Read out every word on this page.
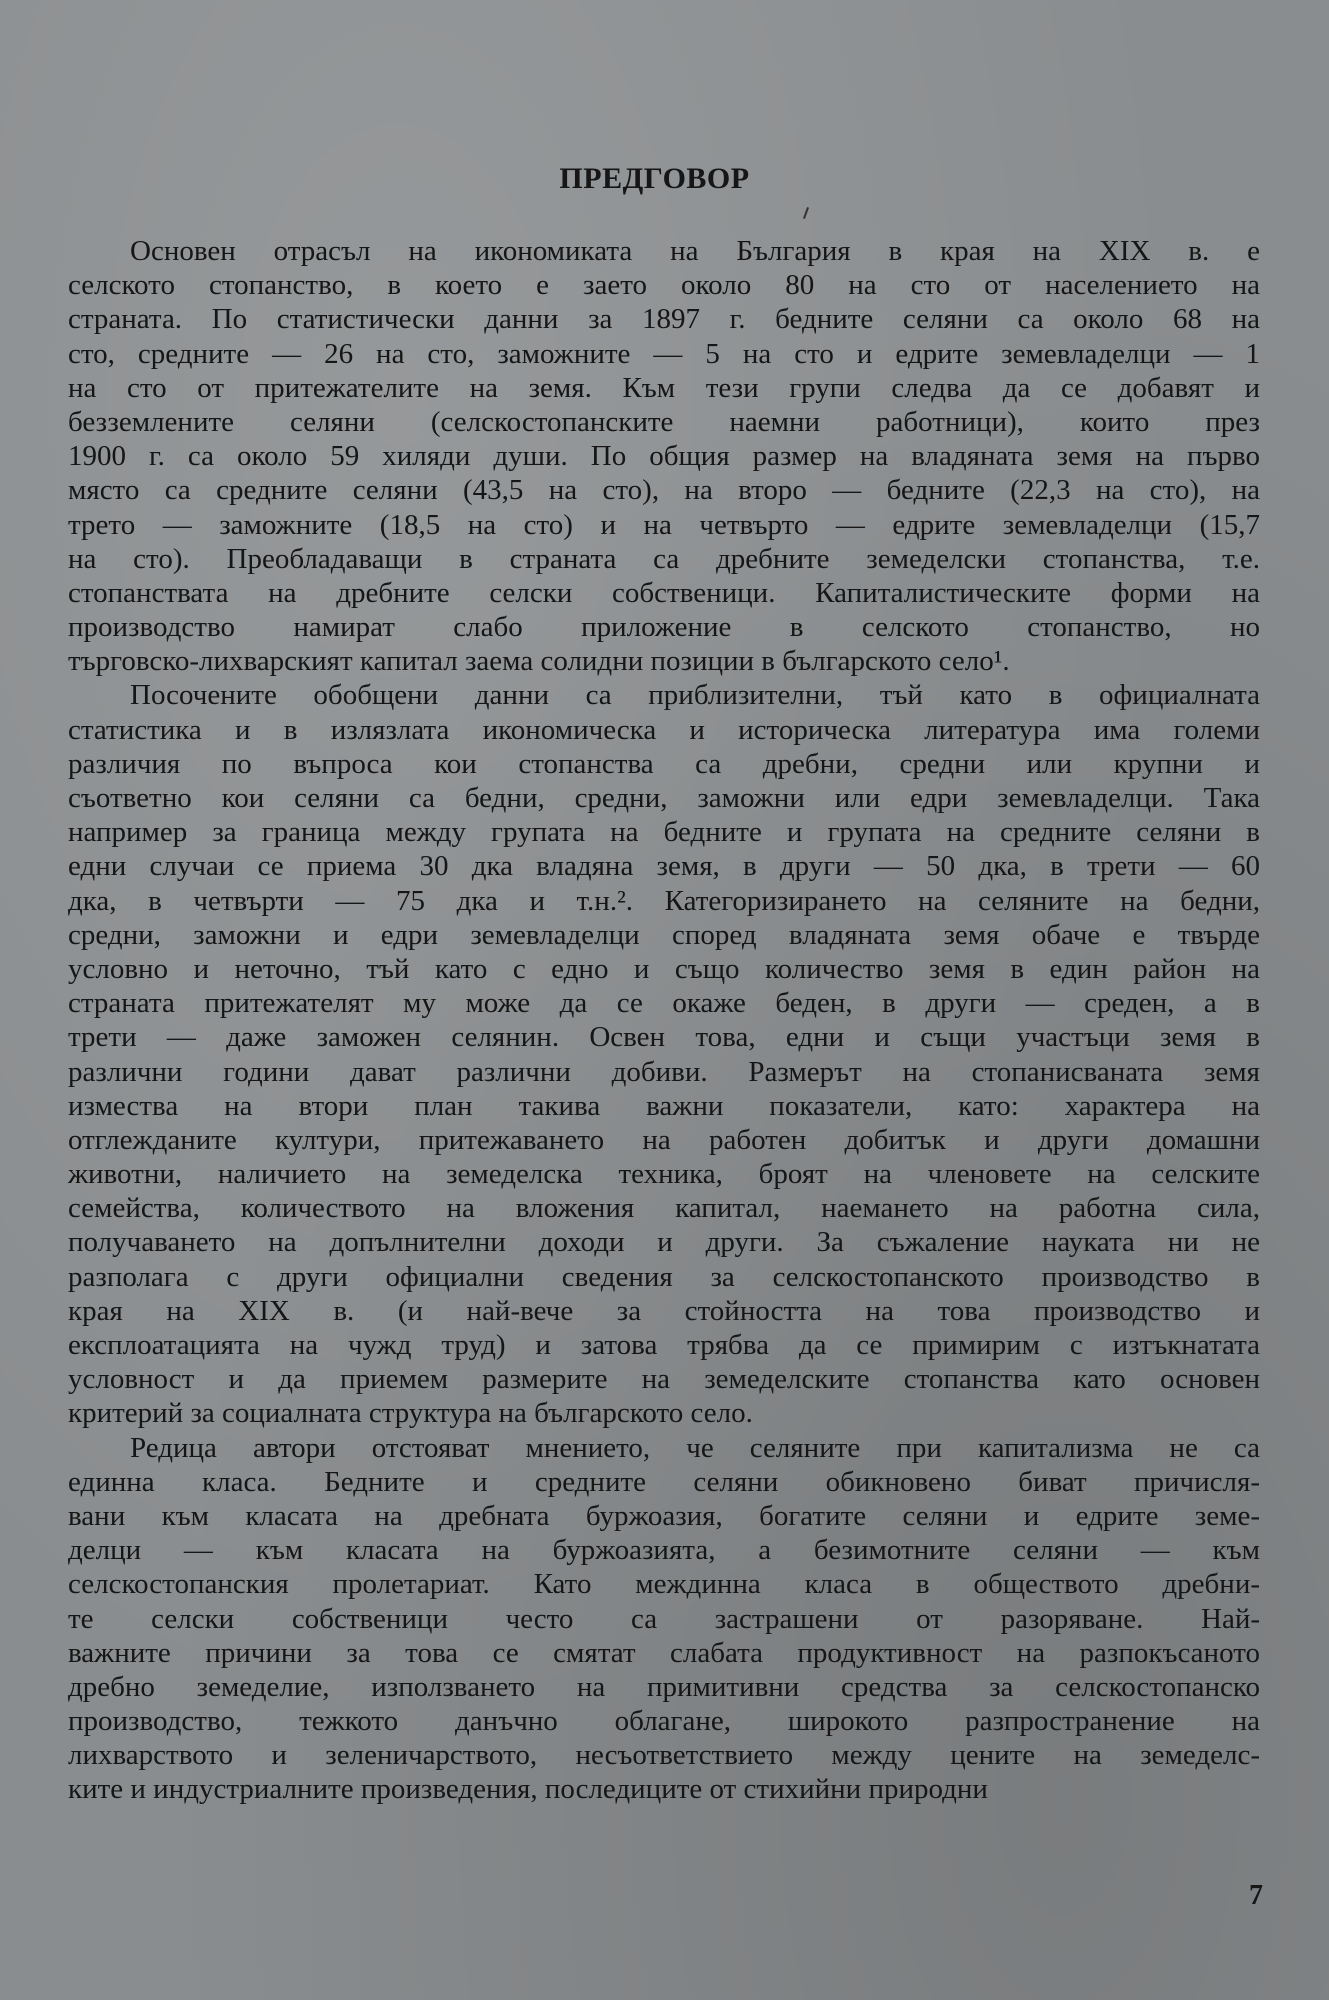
ПРЕДГОВОР
Основен отрасъл на икономиката на България в края на XIX в. е
селското стопанство, в което е заето около 80 на сто от населението на
страната. По статистически данни за 1897 г. бедните селяни са около 68 на
сто, средните — 26 на сто, заможните — 5 на сто и едрите земевладелци — 1
на сто от притежателите на земя. Към тези групи следва да се добавят и
безземлените селяни (селскостопанските наемни работници), които през
1900 г. са около 59 хиляди души. По общия размер на владяната земя на първо
място са средните селяни (43,5 на сто), на второ — бедните (22,3 на сто), на
трето — заможните (18,5 на сто) и на четвърто — едрите земевладелци (15,7
на сто). Преобладаващи в страната са дребните земеделски стопанства, т.е.
стопанствата на дребните селски собственици. Капиталистическите форми на
производство намират слабо приложение в селското стопанство, но
търговско-лихварският капитал заема солидни позиции в българското село¹.
Посочените обобщени данни са приблизителни, тъй като в официалната
статистика и в излязлата икономическа и историческа литература има големи
различия по въпроса кои стопанства са дребни, средни или крупни и
съответно кои селяни са бедни, средни, заможни или едри земевладелци. Така
например за граница между групата на бедните и групата на средните селяни в
едни случаи се приема 30 дка владяна земя, в други — 50 дка, в трети — 60
дка, в четвърти — 75 дка и т.н.². Категоризирането на селяните на бедни,
средни, заможни и едри земевладелци според владяната земя обаче е твърде
условно и неточно, тъй като с едно и също количество земя в един район на
страната притежателят му може да се окаже беден, в други — среден, а в
трети — даже заможен селянин. Освен това, едни и същи участъци земя в
различни години дават различни добиви. Размерът на стопанисваната земя
измества на втори план такива важни показатели, като: характера на
отглежданите култури, притежаването на работен добитък и други домашни
животни, наличието на земеделска техника, броят на членовете на селските
семейства, количеството на вложения капитал, наемането на работна сила,
получаването на допълнителни доходи и други. За съжаление науката ни не
разполага с други официални сведения за селскостопанското производство в
края на XIX в. (и най-вече за стойността на това производство и
експлоатацията на чужд труд) и затова трябва да се примирим с изтъкнатата
условност и да приемем размерите на земеделските стопанства като основен
критерий за социалната структура на българското село.
Редица автори отстояват мнението, че селяните при капитализма не са
единна класа. Бедните и средните селяни обикновено биват причисля-
вани към класата на дребната буржоазия, богатите селяни и едрите земе-
делци — към класата на буржоазията, а безимотните селяни — към
селскостопанския пролетариат. Като междинна класа в обществото дребни-
те селски собственици често са застрашени от разоряване. Най-
важните причини за това се смятат слабата продуктивност на разпокъсаното
дребно земеделие, използването на примитивни средства за селскостопанско
производство, тежкото данъчно облагане, широкото разпространение на
лихварството и зеленичарството, несъответствието между цените на земеделс-
ките и индустриалните произведения, последиците от стихийни природни
7
